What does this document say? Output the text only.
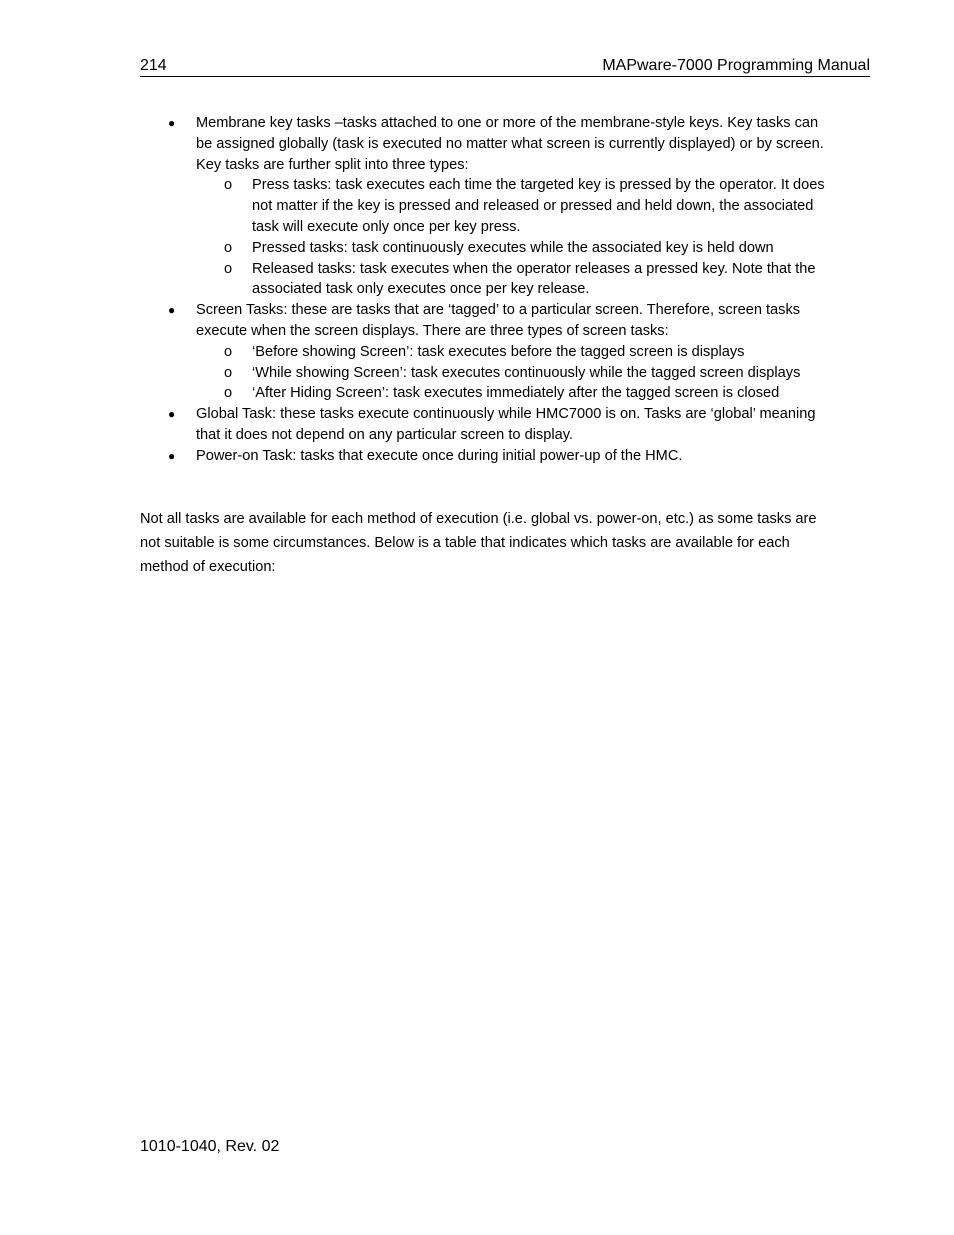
214	MAPware-7000 Programming Manual
● Membrane key tasks –tasks attached to one or more of the membrane-style keys. Key tasks can be assigned globally (task is executed no matter what screen is currently displayed) or by screen. Key tasks are further split into three types:
o Press tasks: task executes each time the targeted key is pressed by the operator. It does not matter if the key is pressed and released or pressed and held down, the associated task will execute only once per key press.
o Pressed tasks: task continuously executes while the associated key is held down
o Released tasks: task executes when the operator releases a pressed key. Note that the associated task only executes once per key release.
● Screen Tasks: these are tasks that are ‘tagged’ to a particular screen. Therefore, screen tasks execute when the screen displays. There are three types of screen tasks:
o ‘Before showing Screen’: task executes before the tagged screen is displays
o ‘While showing Screen’: task executes continuously while the tagged screen displays
o ‘After Hiding Screen’: task executes immediately after the tagged screen is closed
● Global Task: these tasks execute continuously while HMC7000 is on. Tasks are ‘global’ meaning that it does not depend on any particular screen to display.
● Power-on Task: tasks that execute once during initial power-up of the HMC.

Not all tasks are available for each method of execution (i.e. global vs. power-on, etc.) as some tasks are not suitable is some circumstances. Below is a table that indicates which tasks are available for each method of execution:

1010-1040, Rev. 02
